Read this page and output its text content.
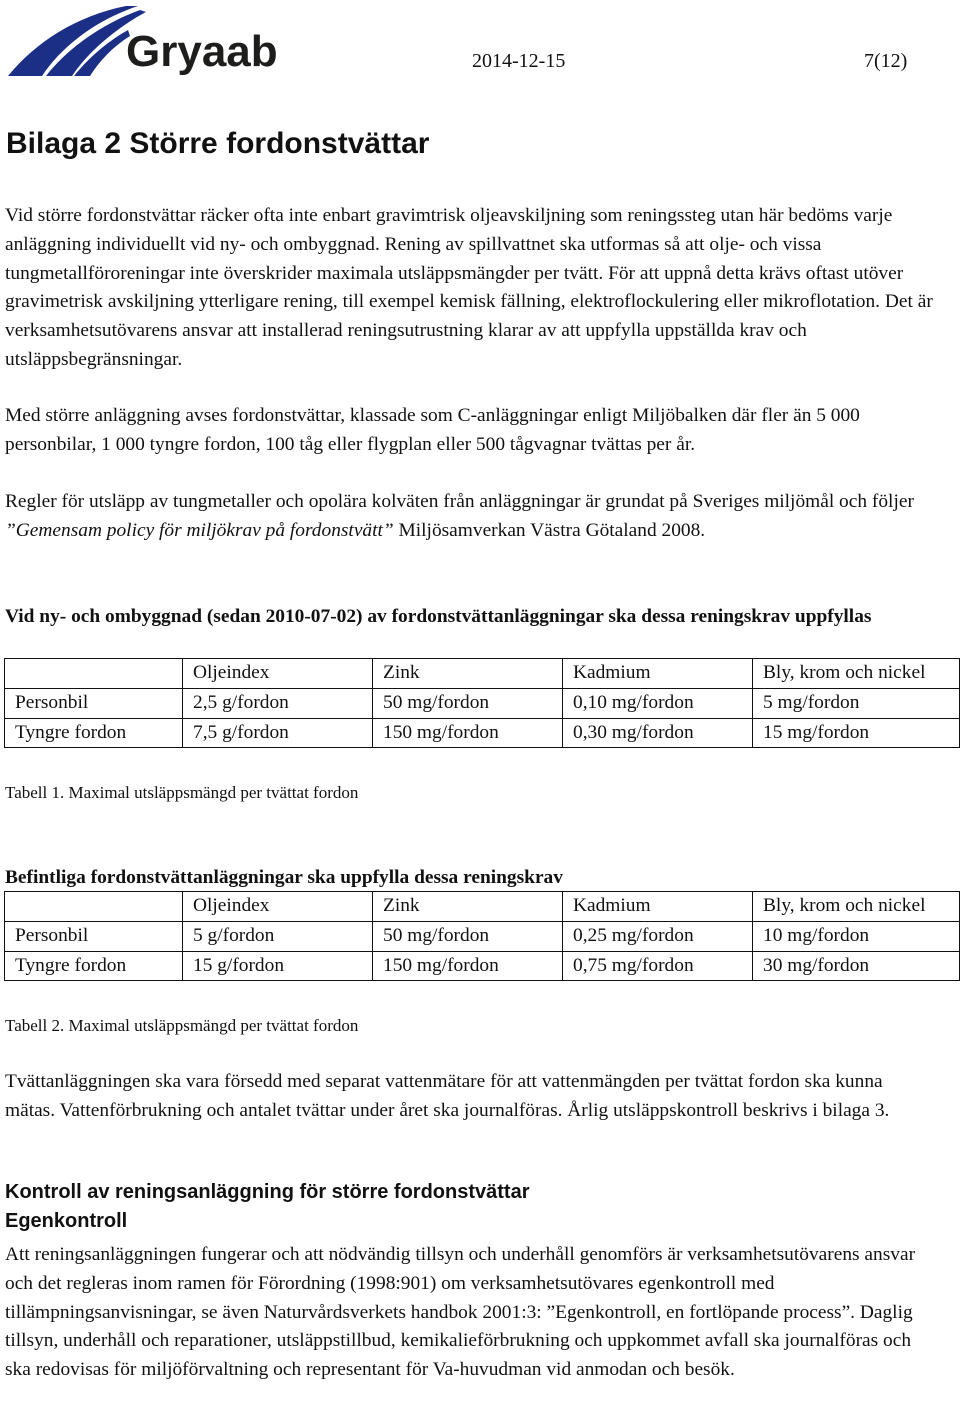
Gryaab	2014-12-15	7(12)
Bilaga 2 Större fordonstvättar

Vid större fordonstvättar räcker ofta inte enbart gravimtrisk oljeavskiljning som reningssteg utan här bedöms varje anläggning individuellt vid ny- och ombyggnad. Rening av spillvattnet ska utformas så att olje- och vissa tungmetallföroreningar inte överskrider maximala utsläppsmängder per tvätt. För att uppnå detta krävs oftast utöver gravimetrisk avskiljning ytterligare rening, till exempel kemisk fällning, elektroflockulering eller mikroflotation. Det är verksamhetsutövarens ansvar att installerad reningsutrustning klarar av att uppfylla uppställda krav och utsläppsbegränsningar.

Med större anläggning avses fordonstvättar, klassade som C-anläggningar enligt Miljöbalken där fler än 5 000 personbilar, 1 000 tyngre fordon, 100 tåg eller flygplan eller 500 tågvagnar tvättas per år.

Regler för utsläpp av tungmetaller och opolära kolväten från anläggningar är grundat på Sveriges miljömål och följer ”Gemensam policy för miljökrav på fordonstvätt” Miljösamverkan Västra Götaland 2008.

Vid ny- och ombyggnad (sedan 2010-07-02) av fordonstvättanläggningar ska dessa reningskrav uppfyllas

	Oljeindex	Zink	Kadmium	Bly, krom och nickel
Personbil	2,5 g/fordon	50 mg/fordon	0,10 mg/fordon	5 mg/fordon
Tyngre fordon	7,5 g/fordon	150 mg/fordon	0,30 mg/fordon	15 mg/fordon

Tabell 1. Maximal utsläppsmängd per tvättat fordon

Befintliga fordonstvättanläggningar ska uppfylla dessa reningskrav

	Oljeindex	Zink	Kadmium	Bly, krom och nickel
Personbil	5 g/fordon	50 mg/fordon	0,25 mg/fordon	10 mg/fordon
Tyngre fordon	15 g/fordon	150 mg/fordon	0,75 mg/fordon	30 mg/fordon

Tabell 2. Maximal utsläppsmängd per tvättat fordon

Tvättanläggningen ska vara försedd med separat vattenmätare för att vattenmängden per tvättat fordon ska kunna mätas. Vattenförbrukning och antalet tvättar under året ska journalföras. Årlig utsläppskontroll beskrivs i bilaga 3.

Kontroll av reningsanläggning för större fordonstvättar

Egenkontroll

Att reningsanläggningen fungerar och att nödvändig tillsyn och underhåll genomförs är verksamhetsutövarens ansvar och det regleras inom ramen för Förordning (1998:901) om verksamhetsutövares egenkontroll med tillämpningsanvisningar, se även Naturvårdsverkets handbok 2001:3: ”Egenkontroll, en fortlöpande process”. Daglig tillsyn, underhåll och reparationer, utsläppstillbud, kemikalieförbrukning och uppkommet avfall ska journalföras och ska redovisas för miljöförvaltning och representant för Va-huvudman vid anmodan och besök.
